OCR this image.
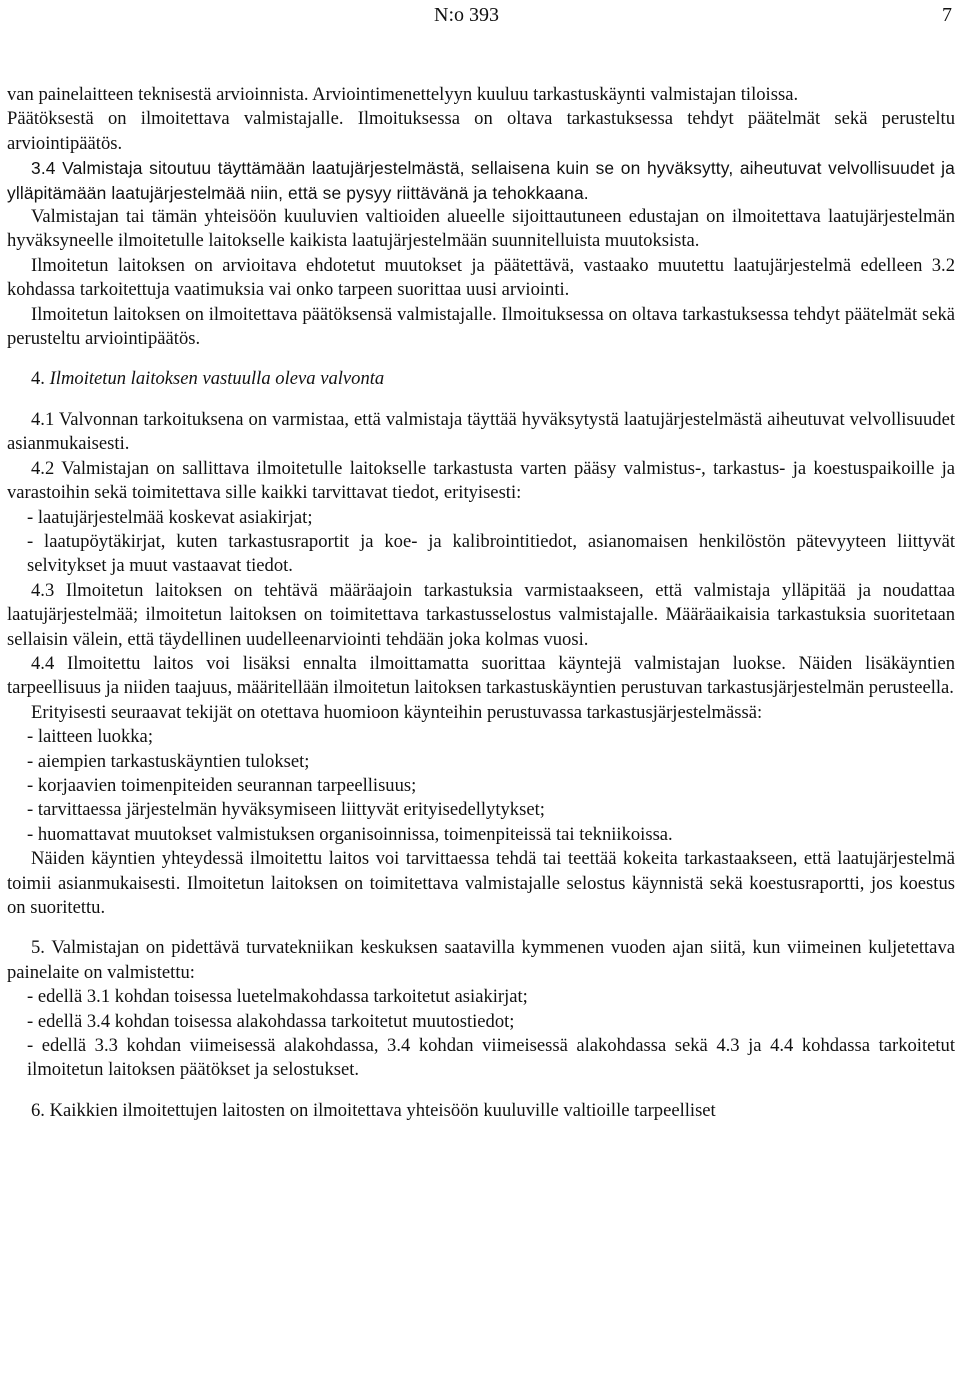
N:o 393	7

van painelaitteen teknisestä arvioinnista. Arviointimenettelyyn kuuluu tarkastuskäynti valmistajan tiloissa.

Päätöksestä on ilmoitettava valmistajalle. Ilmoituksessa on oltava tarkastuksessa tehdyt päätelmät sekä perusteltu arviointipäätös.

3.4 Valmistaja sitoutuu täyttämään laatujärjestelmästä, sellaisena kuin se on hyväksytty, aiheutuvat velvollisuudet ja ylläpitämään laatujärjestelmää niin, että se pysyy riittävänä ja tehokkaana.

Valmistajan tai tämän yhteisöön kuuluvien valtioiden alueelle sijoittautuneen edustajan on ilmoitettava laatujärjestelmän hyväksyneelle ilmoitetulle laitokselle kaikista laatujärjestelmään suunnitelluista muutoksista.

Ilmoitetun laitoksen on arvioitava ehdotetut muutokset ja päätettävä, vastaako muutettu laatujärjestelmä edelleen 3.2 kohdassa tarkoitettuja vaatimuksia vai onko tarpeen suorittaa uusi arviointi.

Ilmoitetun laitoksen on ilmoitettava päätöksensä valmistajalle. Ilmoituksessa on oltava tarkastuksessa tehdyt päätelmät sekä perusteltu arviointipäätös.

4. Ilmoitetun laitoksen vastuulla oleva valvonta

4.1 Valvonnan tarkoituksena on varmistaa, että valmistaja täyttää hyväksytystä laatujärjestelmästä aiheutuvat velvollisuudet asianmukaisesti.

4.2 Valmistajan on sallittava ilmoitetulle laitokselle tarkastusta varten pääsy valmistus-, tarkastus- ja koestuspaikoille ja varastoihin sekä toimitettava sille kaikki tarvittavat tiedot, erityisesti:

- laatujärjestelmää koskevat asiakirjat;

- laatupöytäkirjat, kuten tarkastusraportit ja koe- ja kalibrointitiedot, asianomaisen henkilöstön pätevyyteen liittyvät selvitykset ja muut vastaavat tiedot.

4.3 Ilmoitetun laitoksen on tehtävä määräajoin tarkastuksia varmistaakseen, että valmistaja ylläpitää ja noudattaa laatujärjestelmää; ilmoitetun laitoksen on toimitettava tarkastusselostus valmistajalle. Määräaikaisia tarkastuksia suoritetaan sellaisin välein, että täydellinen uudelleenarviointi tehdään joka kolmas vuosi.

4.4 Ilmoitettu laitos voi lisäksi ennalta ilmoittamatta suorittaa käyntejä valmistajan luokse. Näiden lisäkäyntien tarpeellisuus ja niiden taajuus, määritellään ilmoitetun laitoksen tarkastuskäyntien perustuvan tarkastusjärjestelmän perusteella.

Erityisesti seuraavat tekijät on otettava huomioon käynteihin perustuvassa tarkastusjärjestelmässä:

- laitteen luokka;

- aiempien tarkastuskäyntien tulokset;

- korjaavien toimenpiteiden seurannan tarpeellisuus;

- tarvittaessa järjestelmän hyväksymiseen liittyvät erityisedellytykset;

- huomattavat muutokset valmistuksen organisoinnissa, toimenpiteissä tai tekniikoissa.

Näiden käyntien yhteydessä ilmoitettu laitos voi tarvittaessa tehdä tai teettää kokeita tarkastaakseen, että laatujärjestelmä toimii asianmukaisesti. Ilmoitetun laitoksen on toimitettava valmistajalle selostus käynnistä sekä koestusraportti, jos koestus on suoritettu.

5. Valmistajan on pidettävä turvatekniikan keskuksen saatavilla kymmenen vuoden ajan siitä, kun viimeinen kuljetettava painelaite on valmistettu:

- edellä 3.1 kohdan toisessa luetelmakohdassa tarkoitetut asiakirjat;

- edellä 3.4 kohdan toisessa alakohdassa tarkoitetut muutostiedot;

- edellä 3.3 kohdan viimeisessä alakohdassa, 3.4 kohdan viimeisessä alakohdassa sekä 4.3 ja 4.4 kohdassa tarkoitetut ilmoitetun laitoksen päätökset ja selostukset.

6. Kaikkien ilmoitettujen laitosten on ilmoitettava yhteisöön kuuluville valtioille tarpeelliset
